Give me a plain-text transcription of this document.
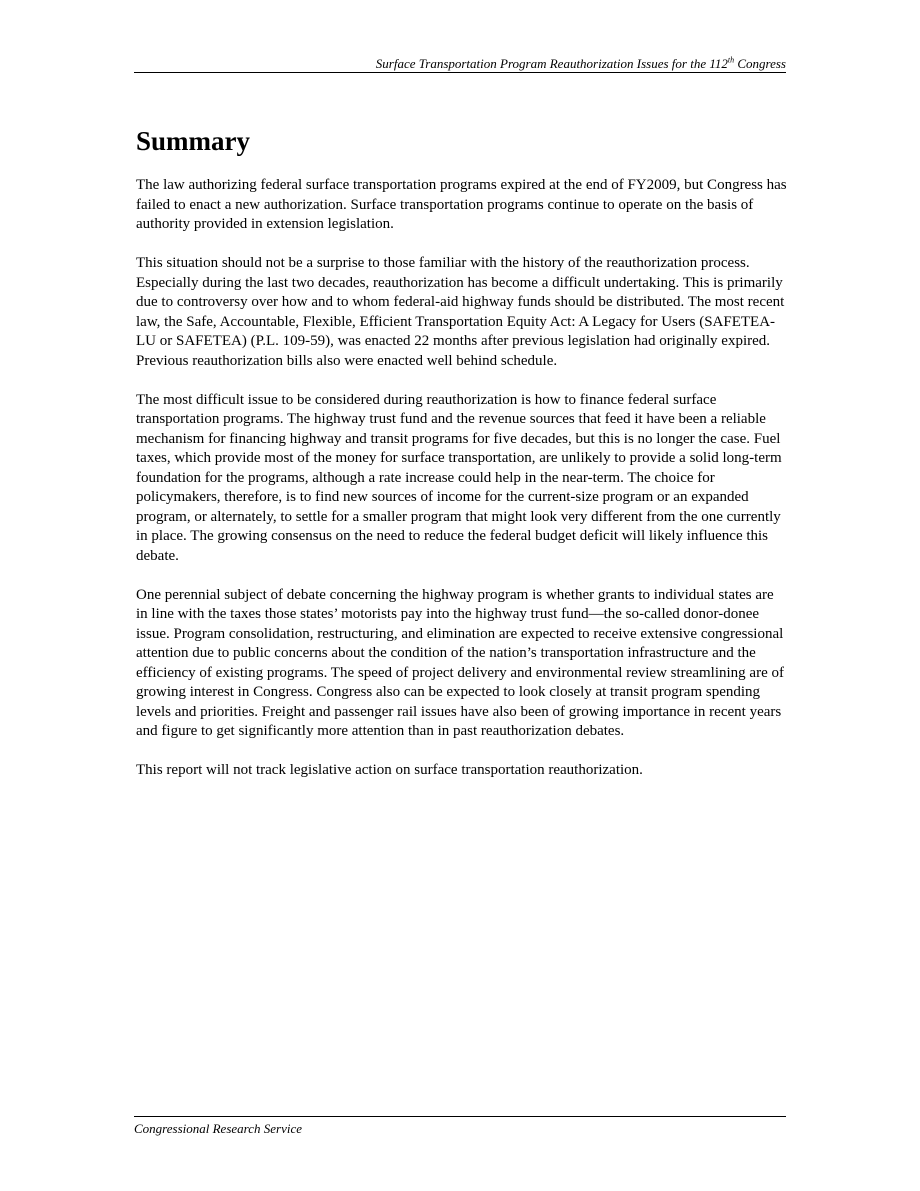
Surface Transportation Program Reauthorization Issues for the 112th Congress
Summary

The law authorizing federal surface transportation programs expired at the end of FY2009, but Congress has failed to enact a new authorization. Surface transportation programs continue to operate on the basis of authority provided in extension legislation.

This situation should not be a surprise to those familiar with the history of the reauthorization process. Especially during the last two decades, reauthorization has become a difficult undertaking. This is primarily due to controversy over how and to whom federal-aid highway funds should be distributed. The most recent law, the Safe, Accountable, Flexible, Efficient Transportation Equity Act: A Legacy for Users (SAFETEA-LU or SAFETEA) (P.L. 109-59), was enacted 22 months after previous legislation had originally expired. Previous reauthorization bills also were enacted well behind schedule.

The most difficult issue to be considered during reauthorization is how to finance federal surface transportation programs. The highway trust fund and the revenue sources that feed it have been a reliable mechanism for financing highway and transit programs for five decades, but this is no longer the case. Fuel taxes, which provide most of the money for surface transportation, are unlikely to provide a solid long-term foundation for the programs, although a rate increase could help in the near-term. The choice for policymakers, therefore, is to find new sources of income for the current-size program or an expanded program, or alternately, to settle for a smaller program that might look very different from the one currently in place. The growing consensus on the need to reduce the federal budget deficit will likely influence this debate.

One perennial subject of debate concerning the highway program is whether grants to individual states are in line with the taxes those states’ motorists pay into the highway trust fund—the so-called donor-donee issue. Program consolidation, restructuring, and elimination are expected to receive extensive congressional attention due to public concerns about the condition of the nation’s transportation infrastructure and the efficiency of existing programs. The speed of project delivery and environmental review streamlining are of growing interest in Congress. Congress also can be expected to look closely at transit program spending levels and priorities. Freight and passenger rail issues have also been of growing importance in recent years and figure to get significantly more attention than in past reauthorization debates.

This report will not track legislative action on surface transportation reauthorization.

Congressional Research Service
